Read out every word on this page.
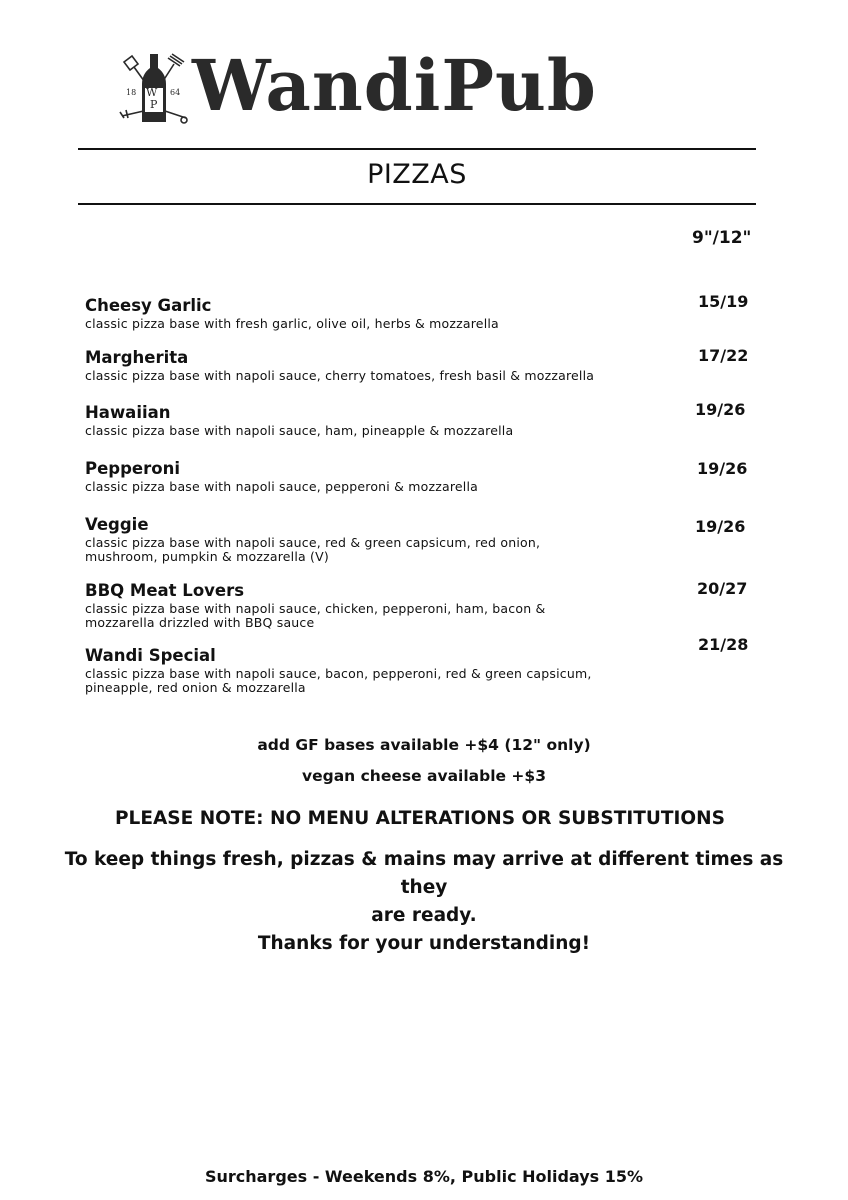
W
P
18	64 WandiPub
PIZZAS
9"/12"
Cheesy Garlic
classic pizza base with fresh garlic, olive oil, herbs & mozzarella
15/19
Margherita
classic pizza base with napoli sauce, cherry tomatoes, fresh basil & mozzarella
17/22
Hawaiian
classic pizza base with napoli sauce, ham, pineapple & mozzarella
19/26
Pepperoni
classic pizza base with napoli sauce, pepperoni & mozzarella
19/26
Veggie
classic pizza base with napoli sauce, red & green capsicum, red onion,
mushroom, pumpkin & mozzarella (V)
19/26
BBQ Meat Lovers
classic pizza base with napoli sauce, chicken, pepperoni, ham, bacon &
mozzarella drizzled with BBQ sauce
20/27
Wandi Special
classic pizza base with napoli sauce, bacon, pepperoni, red & green capsicum,
pineapple, red onion & mozzarella
21/28
add GF bases available +$4 (12" only)
vegan cheese available +$3
PLEASE NOTE: NO MENU ALTERATIONS OR SUBSTITUTIONS
To keep things fresh, pizzas & mains may arrive at different times as they
are ready.
Thanks for your understanding!
Surcharges - Weekends 8%, Public Holidays 15%
